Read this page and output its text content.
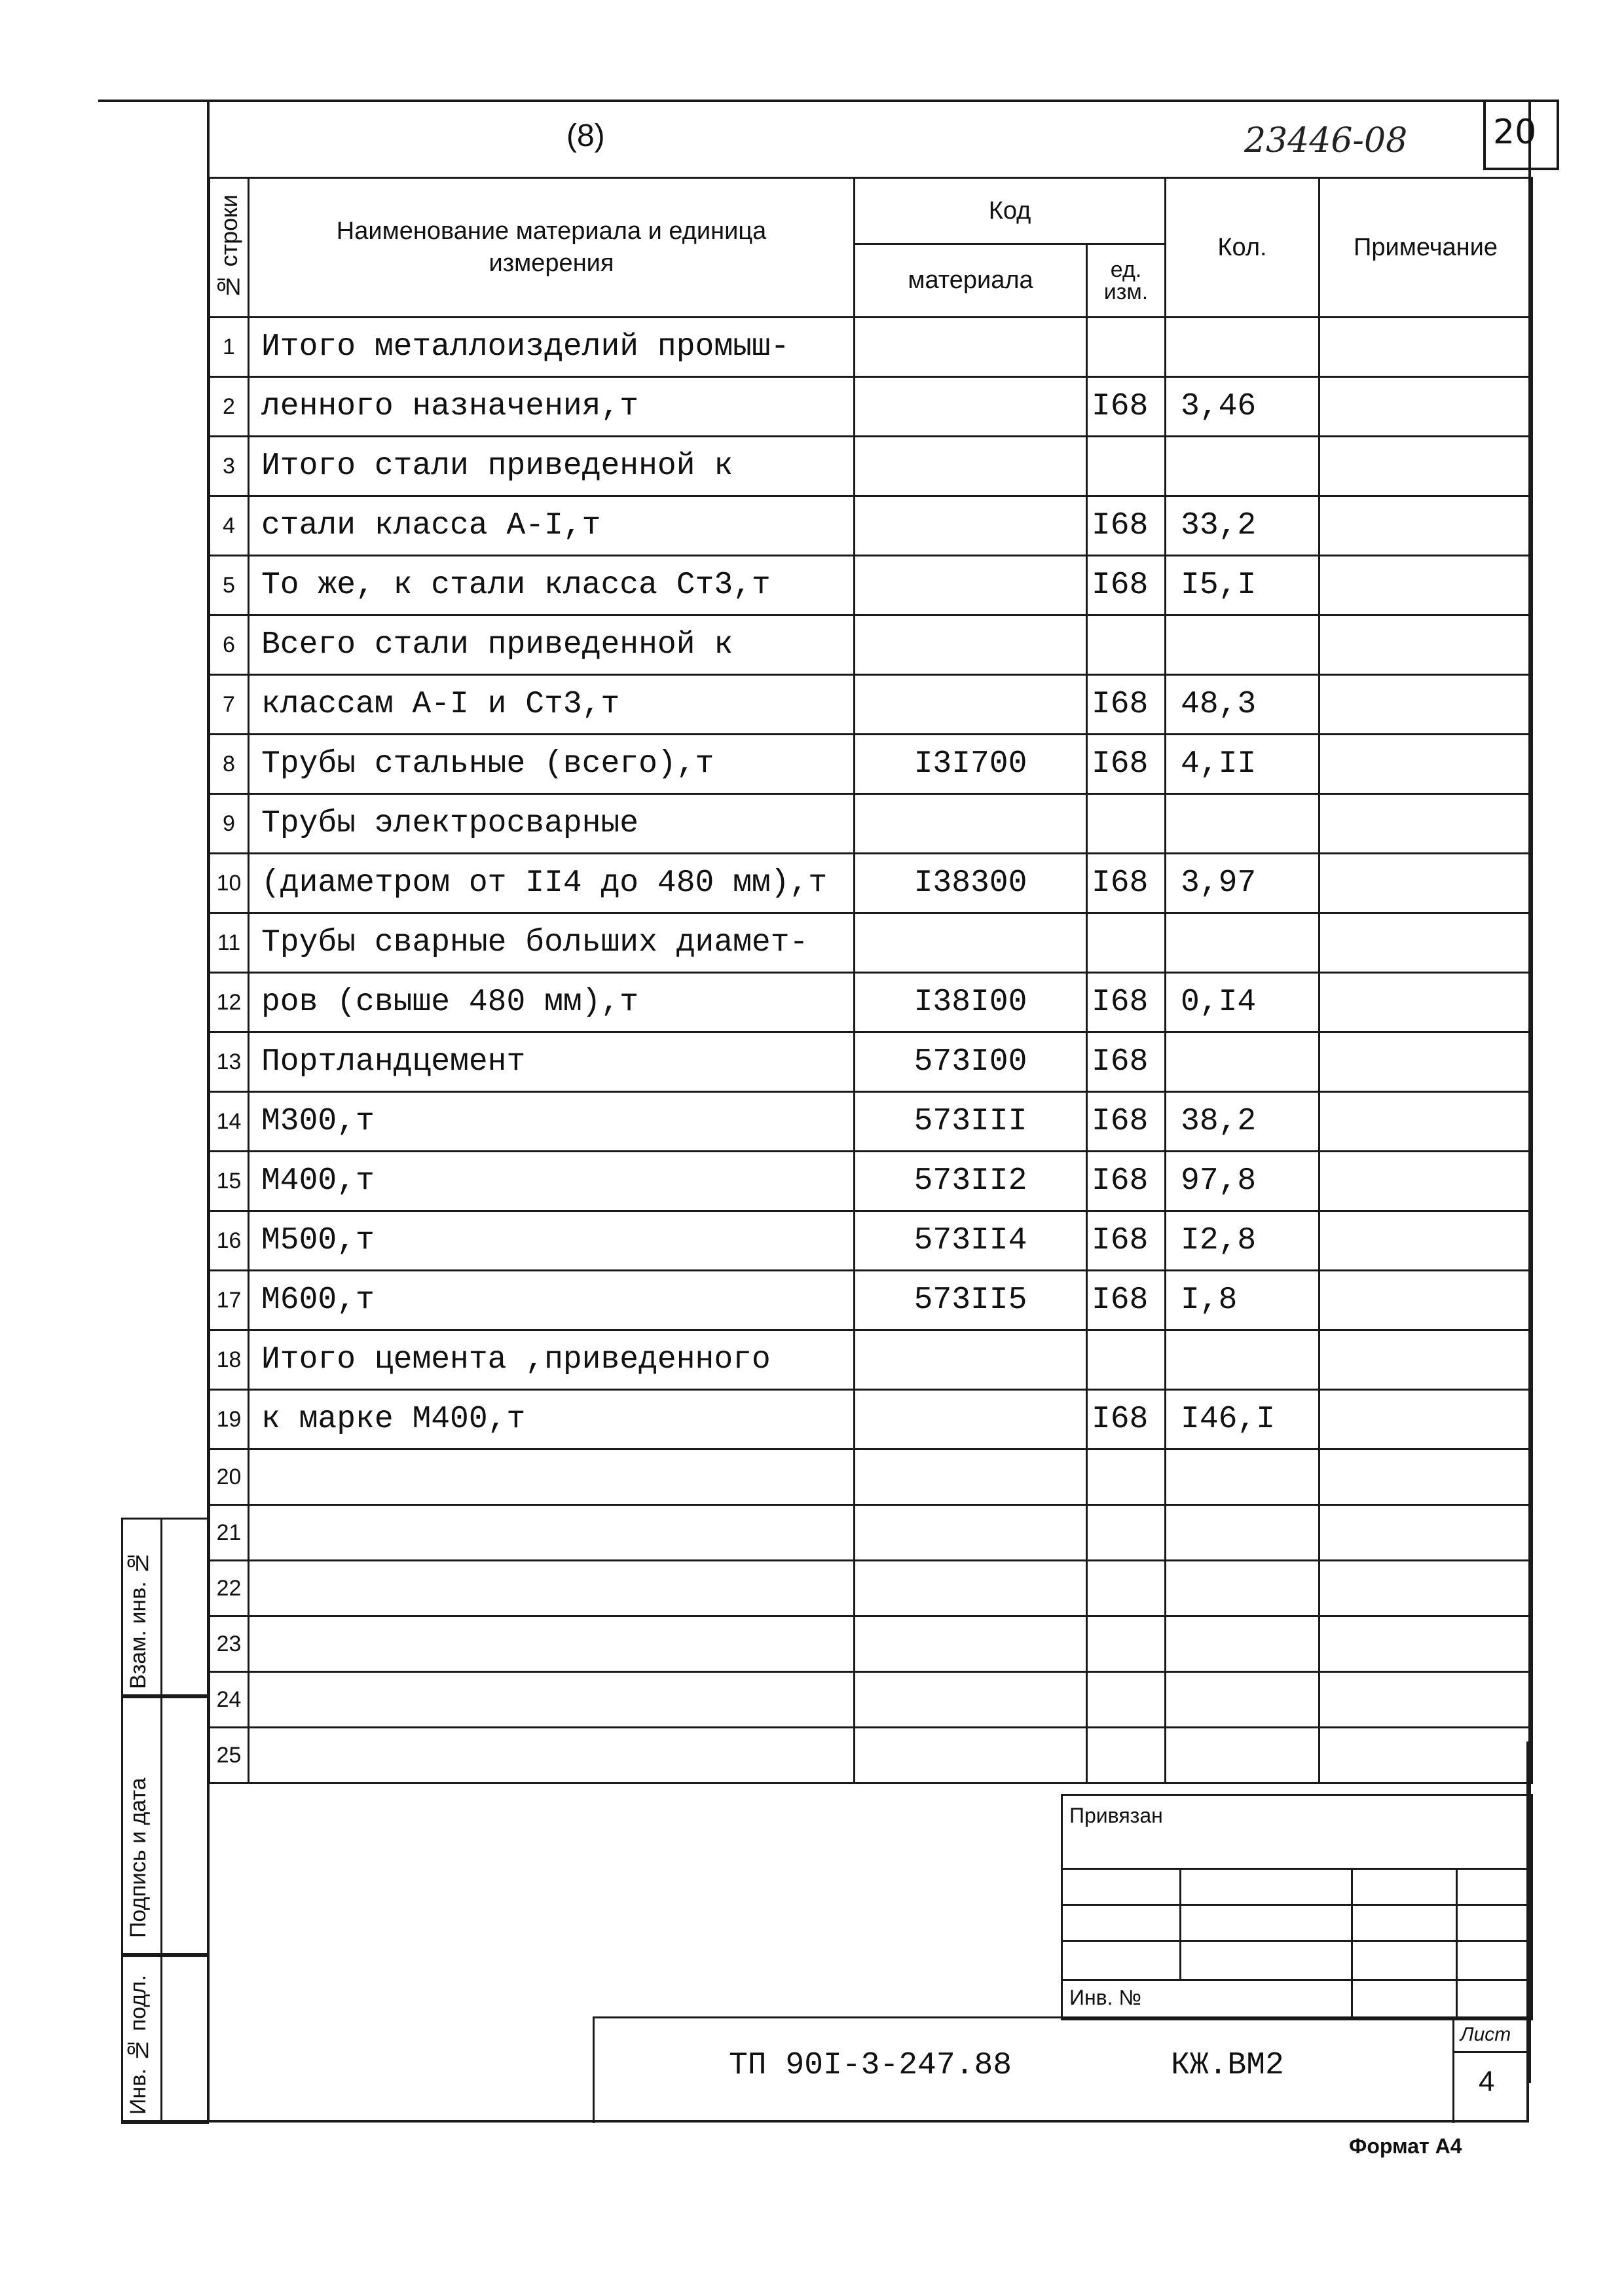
(8)	23446-08	20
№ строки	Наименование материала и единица измерения	Код		Кол.	Примечание
		материала	ед. изм.		
1	Итого металлоизделий промыш-				
2	ленного назначения,т		I68	3,46	
3	Итого стали приведенной к				
4	стали класса А-I,т		I68	33,2	
5	То же, к стали класса Ст3,т		I68	I5,I	
6	Всего стали приведенной к				
7	классам А-I и Ст3,т		I68	48,3	
8	Трубы стальные (всего),т	I3I700	I68	4,II	
9	Трубы электросварные				
10	(диаметром от II4 до 480 мм),т	I38300	I68	3,97	
11	Трубы сварные больших диамет-				
12	ров (свыше 480 мм),т	I38I00	I68	0,I4	
13	Портландцемент	573I00	I68		
14	М300,т	573III	I68	38,2	
15	М400,т	573II2	I68	97,8	
16	М500,т	573II4	I68	I2,8	
17	М600,т	573II5	I68	I,8	
18	Итого цемента ,приведенного				
19	к марке М400,т		I68	I46,I	
20					
21					
22					
23					
24					
25					
Взам. инв. №
Подпись и дата
Инв. № подл.
Привязан
Инв. №
ТП 90I-3-247.88	КЖ.ВМ2
Лист
4
Формат А4
